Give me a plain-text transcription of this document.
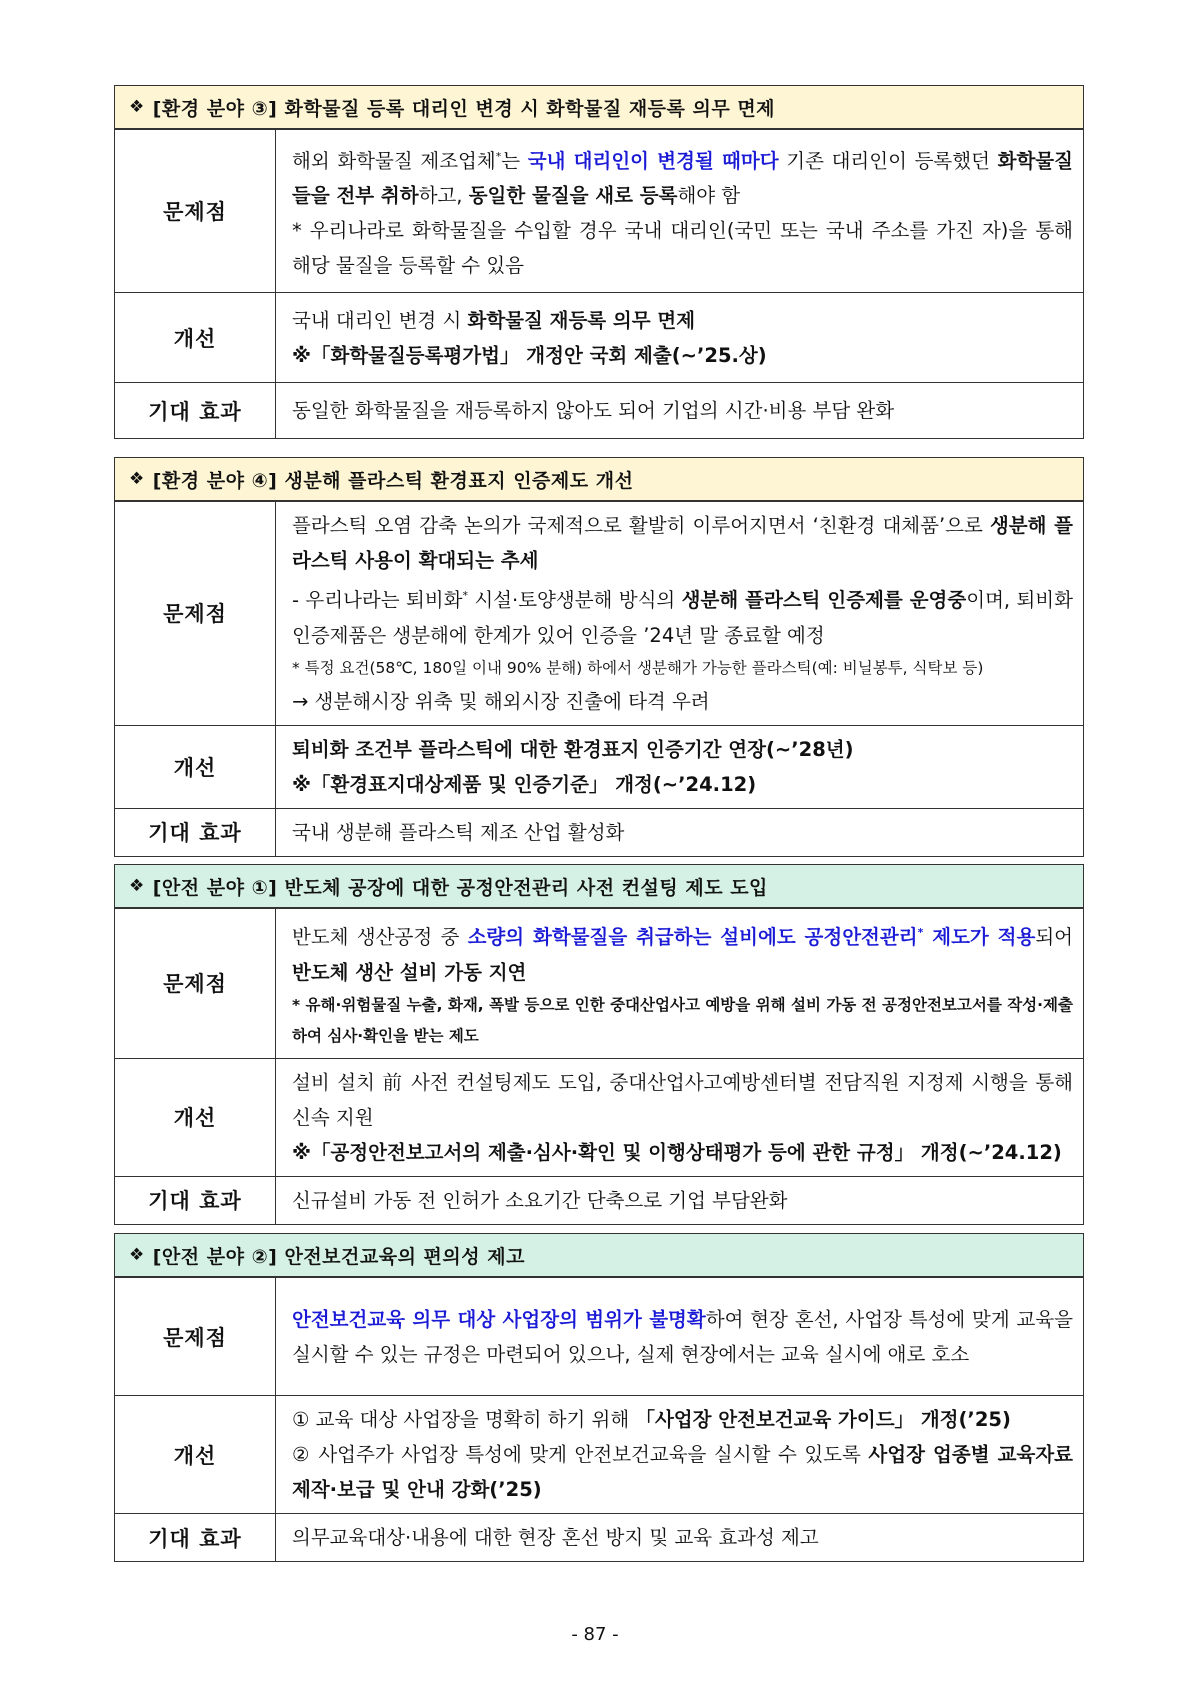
❖ [환경 분야 ③] 화학물질 등록 대리인 변경 시 화학물질 재등록 의무 면제
문제점	해외 화학물질 제조업체*는 국내 대리인이 변경될 때마다 기존 대리인이 등록했던 화학물질들을 전부 취하하고, 동일한 물질을 새로 등록해야 함

* 우리나라로 화학물질을 수입할 경우 국내 대리인(국민 또는 국내 주소를 가진 자)을 통해 해당 물질을 등록할 수 있음

개선	국내 대리인 변경 시 화학물질 재등록 의무 면제

※「화학물질등록평가법」 개정안 국회 제출(~’25.상)

기대 효과	동일한 화학물질을 재등록하지 않아도 되어 기업의 시간·비용 부담 완화
❖ [환경 분야 ④] 생분해 플라스틱 환경표지 인증제도 개선
문제점	플라스틱 오염 감축 논의가 국제적으로 활발히 이루어지면서 ‘친환경 대체품’으로 생분해 플라스틱 사용이 확대되는 추세

- 우리나라는 퇴비화* 시설·토양생분해 방식의 생분해 플라스틱 인증제를 운영중이며, 퇴비화 인증제품은 생분해에 한계가 있어 인증을 ’24년 말 종료할 예정

* 특정 요건(58℃, 180일 이내 90% 분해) 하에서 생분해가 가능한 플라스틱(예: 비닐봉투, 식탁보 등)

→ 생분해시장 위축 및 해외시장 진출에 타격 우려

개선	퇴비화 조건부 플라스틱에 대한 환경표지 인증기간 연장(~’28년)

※「환경표지대상제품 및 인증기준」 개정(~’24.12)

기대 효과	국내 생분해 플라스틱 제조 산업 활성화
❖ [안전 분야 ①] 반도체 공장에 대한 공정안전관리 사전 컨설팅 제도 도입
문제점	반도체 생산공정 중 소량의 화학물질을 취급하는 설비에도 공정안전관리* 제도가 적용되어 반도체 생산 설비 가동 지연

* 유해·위험물질 누출, 화재, 폭발 등으로 인한 중대산업사고 예방을 위해 설비 가동 전 공정안전보고서를 작성·제출하여 심사·확인을 받는 제도

개선	설비 설치 前 사전 컨설팅제도 도입, 중대산업사고예방센터별 전담직원 지정제 시행을 통해 신속 지원

※「공정안전보고서의 제출·심사·확인 및 이행상태평가 등에 관한 규정」 개정(~’24.12)

기대 효과	신규설비 가동 전 인허가 소요기간 단축으로 기업 부담완화
❖ [안전 분야 ②] 안전보건교육의 편의성 제고
문제점	안전보건교육 의무 대상 사업장의 범위가 불명확하여 현장 혼선, 사업장 특성에 맞게 교육을 실시할 수 있는 규정은 마련되어 있으나, 실제 현장에서는 교육 실시에 애로 호소

개선	① 교육 대상 사업장을 명확히 하기 위해 「사업장 안전보건교육 가이드」 개정(’25)

② 사업주가 사업장 특성에 맞게 안전보건교육을 실시할 수 있도록 사업장 업종별 교육자료 제작·보급 및 안내 강화(’25)

기대 효과	의무교육대상·내용에 대한 현장 혼선 방지 및 교육 효과성 제고
- 87 -
